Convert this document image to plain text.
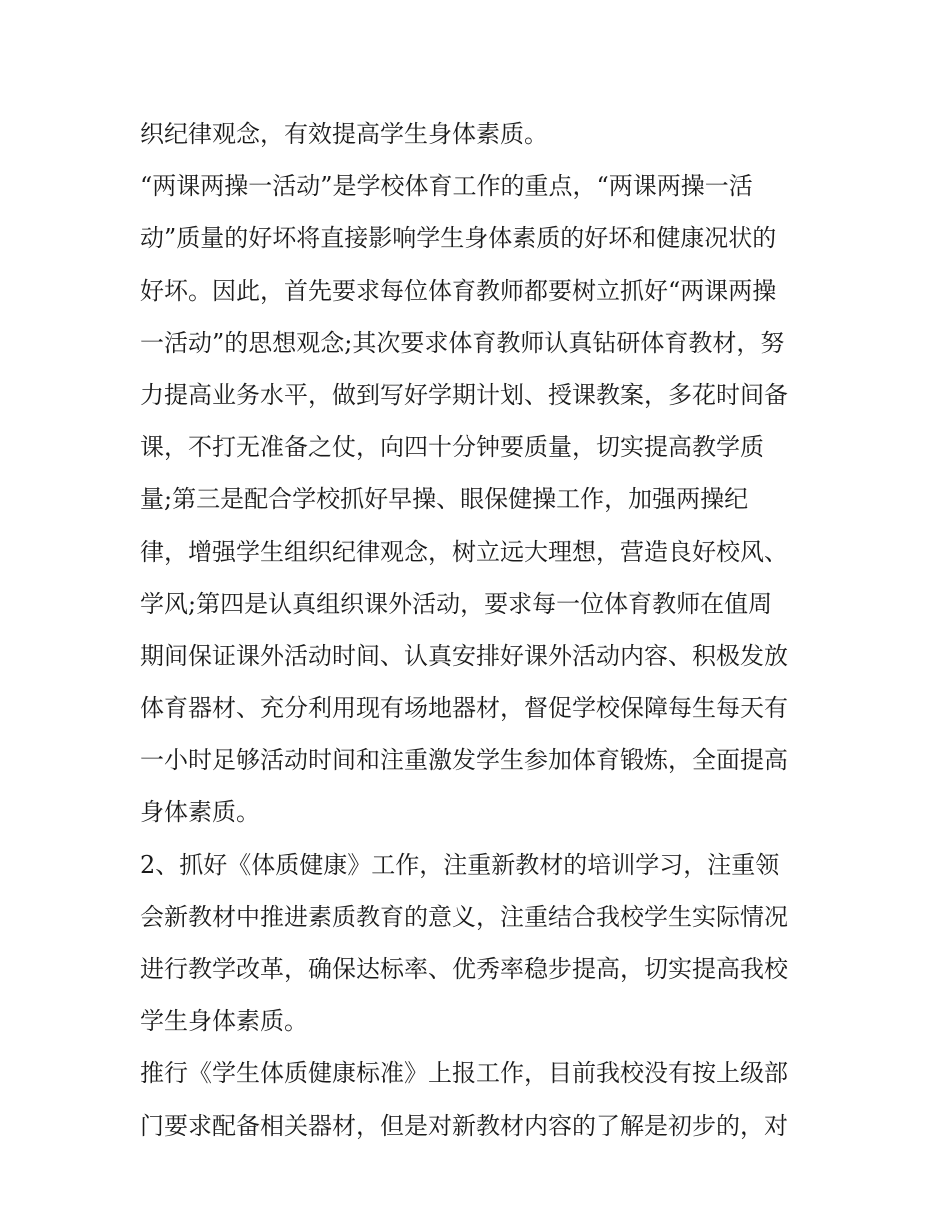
织纪律观念，有效提高学生身体素质。
“两课两操一活动”是学校体育工作的重点，“两课两操一活
动”质量的好坏将直接影响学生身体素质的好坏和健康况状的
好坏。因此，首先要求每位体育教师都要树立抓好“两课两操
一活动”的思想观念;其次要求体育教师认真钻研体育教材，努
力提高业务水平，做到写好学期计划、授课教案，多花时间备
课，不打无准备之仗，向四十分钟要质量，切实提高教学质
量;第三是配合学校抓好早操、眼保健操工作，加强两操纪
律，增强学生组织纪律观念，树立远大理想，营造良好校风、
学风;第四是认真组织课外活动，要求每一位体育教师在值周
期间保证课外活动时间、认真安排好课外活动内容、积极发放
体育器材、充分利用现有场地器材，督促学校保障每生每天有
一小时足够活动时间和注重激发学生参加体育锻炼，全面提高
身体素质。
2、抓好《体质健康》工作，注重新教材的培训学习，注重领
会新教材中推进素质教育的意义，注重结合我校学生实际情况
进行教学改革，确保达标率、优秀率稳步提高，切实提高我校
学生身体素质。
推行《学生体质健康标准》上报工作，目前我校没有按上级部
门要求配备相关器材，但是对新教材内容的了解是初步的，对
